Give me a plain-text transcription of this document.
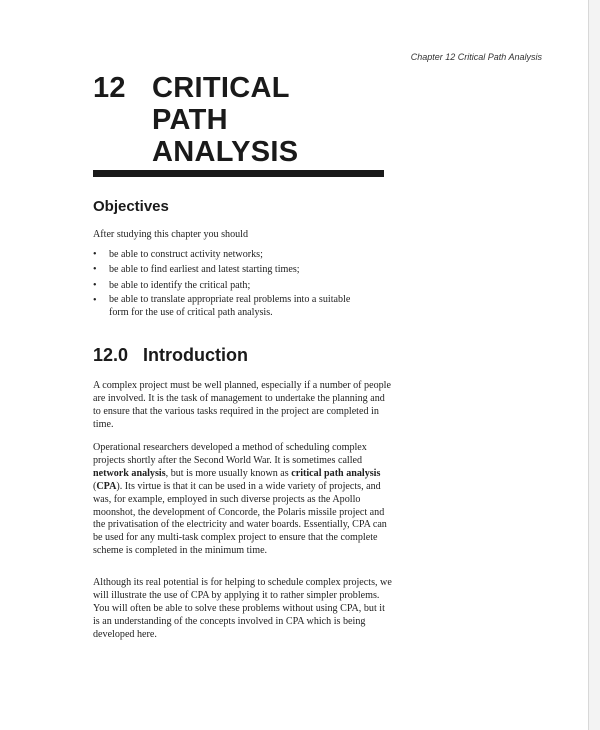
Chapter 12 Critical Path Analysis
12 CRITICAL
PATH
ANALYSIS
Objectives
After studying this chapter you should
• be able to construct activity networks;
• be able to find earliest and latest starting times;
• be able to identify the critical path;
• be able to translate appropriate real problems into a suitable
form for the use of critical path analysis.
12.0 Introduction
A complex project must be well planned, especially if a number of people are involved. It is the task of management to undertake the planning and to ensure that the various tasks required in the project are completed in time.
Operational researchers developed a method of scheduling complex projects shortly after the Second World War. It is sometimes called network analysis, but is more usually known as critical path analysis (CPA). Its virtue is that it can be used in a wide variety of projects, and was, for example, employed in such diverse projects as the Apollo moonshot, the development of Concorde, the Polaris missile project and the privatisation of the electricity and water boards. Essentially, CPA can be used for any multi-task complex project to ensure that the complete scheme is completed in the minimum time.
Although its real potential is for helping to schedule complex projects, we will illustrate the use of CPA by applying it to rather simpler problems. You will often be able to solve these problems without using CPA, but it is an understanding of the concepts involved in CPA which is being developed here.
